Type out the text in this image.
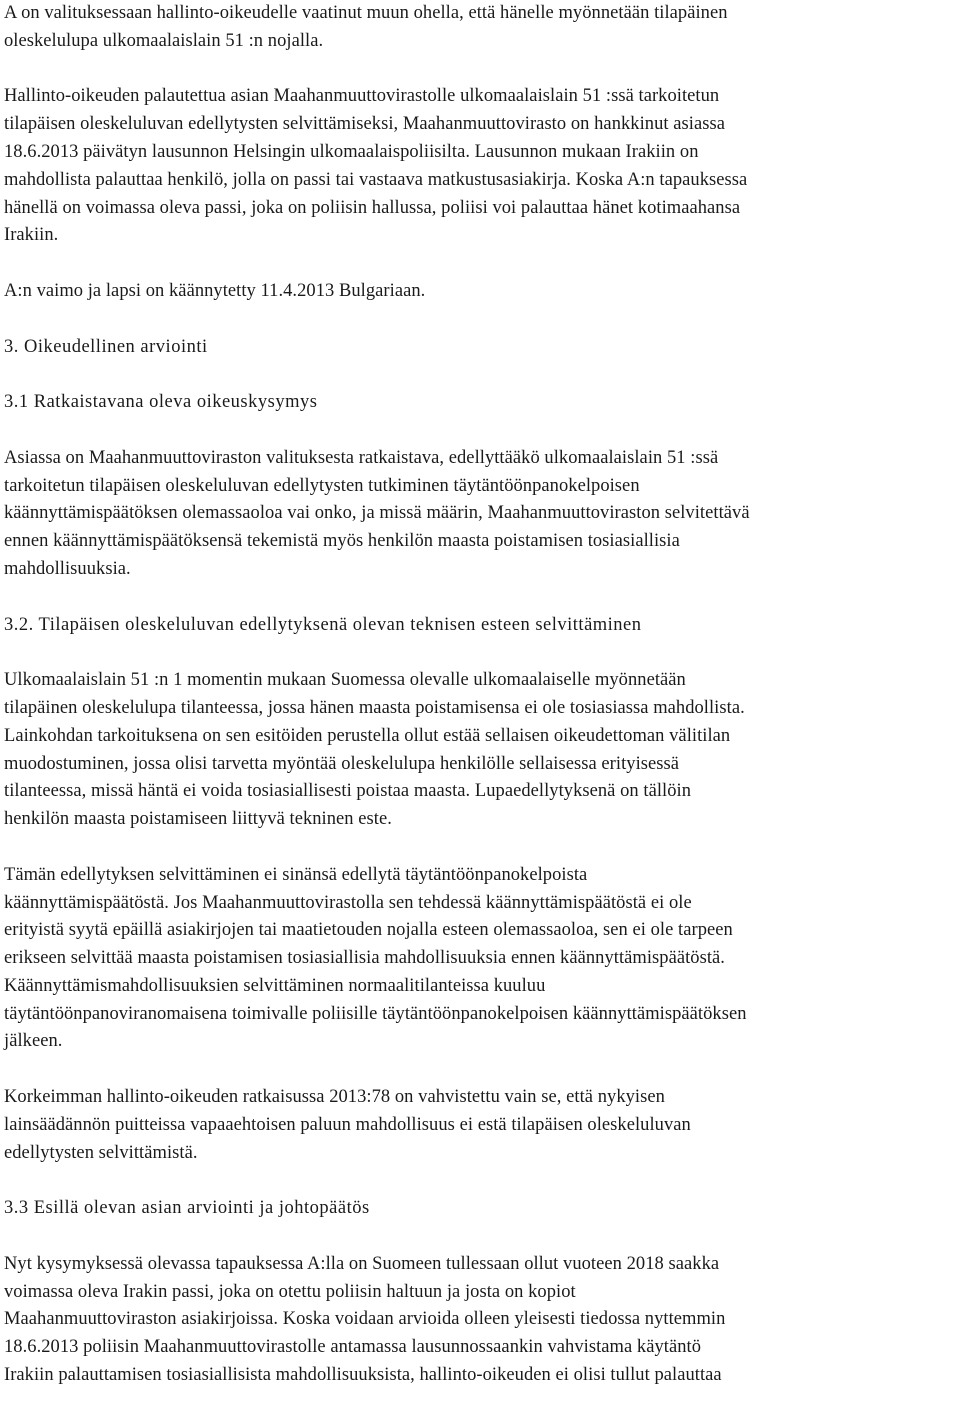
A on valituksessaan hallinto-oikeudelle vaatinut muun ohella, että hänelle myönnetään tilapäinen
oleskelulupa ulkomaalaislain 51 :n nojalla.

Hallinto-oikeuden palautettua asian Maahanmuuttovirastolle ulkomaalaislain 51 :ssä tarkoitetun
tilapäisen oleskeluluvan edellytysten selvittämiseksi, Maahanmuuttovirasto on hankkinut asiassa
18.6.2013 päivätyn lausunnon Helsingin ulkomaalaispoliisilta. Lausunnon mukaan Irakiin on
mahdollista palauttaa henkilö, jolla on passi tai vastaava matkustusasiakirja. Koska A:n tapauksessa
hänellä on voimassa oleva passi, joka on poliisin hallussa, poliisi voi palauttaa hänet kotimaahansa
Irakiin.

A:n vaimo ja lapsi on käännytetty 11.4.2013 Bulgariaan.

3. Oikeudellinen arviointi

3.1 Ratkaistavana oleva oikeuskysymys

Asiassa on Maahanmuuttoviraston valituksesta ratkaistava, edellyttääkö ulkomaalaislain 51 :ssä
tarkoitetun tilapäisen oleskeluluvan edellytysten tutkiminen täytäntöönpanokelpoisen
käännyttämispäätöksen olemassaoloa vai onko, ja missä määrin, Maahanmuuttoviraston selvitettävä
ennen käännyttämispäätöksensä tekemistä myös henkilön maasta poistamisen tosiasiallisia
mahdollisuuksia.

3.2. Tilapäisen oleskeluluvan edellytyksenä olevan teknisen esteen selvittäminen

Ulkomaalaislain 51 :n 1 momentin mukaan Suomessa olevalle ulkomaalaiselle myönnetään
tilapäinen oleskelulupa tilanteessa, jossa hänen maasta poistamisensa ei ole tosiasiassa mahdollista.
Lainkohdan tarkoituksena on sen esitöiden perustella ollut estää sellaisen oikeudettoman välitilan
muodostuminen, jossa olisi tarvetta myöntää oleskelulupa henkilölle sellaisessa erityisessä
tilanteessa, missä häntä ei voida tosiasiallisesti poistaa maasta. Lupaedellytyksenä on tällöin
henkilön maasta poistamiseen liittyvä tekninen este.

Tämän edellytyksen selvittäminen ei sinänsä edellytä täytäntöönpanokelpoista
käännyttämispäätöstä. Jos Maahanmuuttovirastolla sen tehdessä käännyttämispäätöstä ei ole
erityistä syytä epäillä asiakirjojen tai maatietouden nojalla esteen olemassaoloa, sen ei ole tarpeen
erikseen selvittää maasta poistamisen tosiasiallisia mahdollisuuksia ennen käännyttämispäätöstä.
Käännyttämismahdollisuuksien selvittäminen normaalitilanteissa kuuluu
täytäntöönpanoviranomaisena toimivalle poliisille täytäntöönpanokelpoisen käännyttämispäätöksen
jälkeen.

Korkeimman hallinto-oikeuden ratkaisussa 2013:78 on vahvistettu vain se, että nykyisen
lainsäädännön puitteissa vapaaehtoisen paluun mahdollisuus ei estä tilapäisen oleskeluluvan
edellytysten selvittämistä.

3.3 Esillä olevan asian arviointi ja johtopäätös

Nyt kysymyksessä olevassa tapauksessa A:lla on Suomeen tullessaan ollut vuoteen 2018 saakka
voimassa oleva Irakin passi, joka on otettu poliisin haltuun ja josta on kopiot
Maahanmuuttoviraston asiakirjoissa. Koska voidaan arvioida olleen yleisesti tiedossa nyttemmin
18.6.2013 poliisin Maahanmuuttovirastolle antamassa lausunnossaankin vahvistama käytäntö
Irakiin palauttamisen tosiasiallisista mahdollisuuksista, hallinto-oikeuden ei olisi tullut palauttaa
